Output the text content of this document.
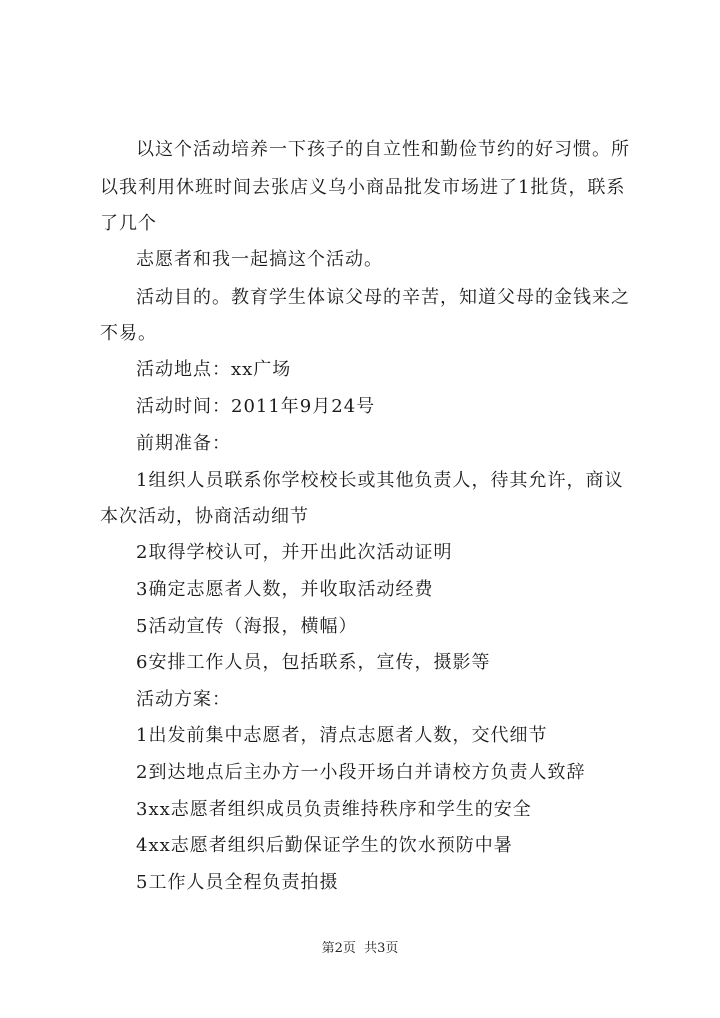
以这个活动培养一下孩子的自立性和勤俭节约的好习惯。所
以我利用休班时间去张店义乌小商品批发市场进了1批货，联系
了几个
志愿者和我一起搞这个活动。
活动目的。教育学生体谅父母的辛苦，知道父母的金钱来之
不易。
活动地点：xx广场
活动时间：2011年9月24号
前期准备：
1组织人员联系你学校校长或其他负责人，待其允许，商议
本次活动，协商活动细节
2取得学校认可，并开出此次活动证明
3确定志愿者人数，并收取活动经费
5活动宣传（海报，横幅）
6安排工作人员，包括联系，宣传，摄影等
活动方案：
1出发前集中志愿者，清点志愿者人数，交代细节
2到达地点后主办方一小段开场白并请校方负责人致辞
3xx志愿者组织成员负责维持秩序和学生的安全
4xx志愿者组织后勤保证学生的饮水预防中暑
5工作人员全程负责拍摄
第2页 共3页
